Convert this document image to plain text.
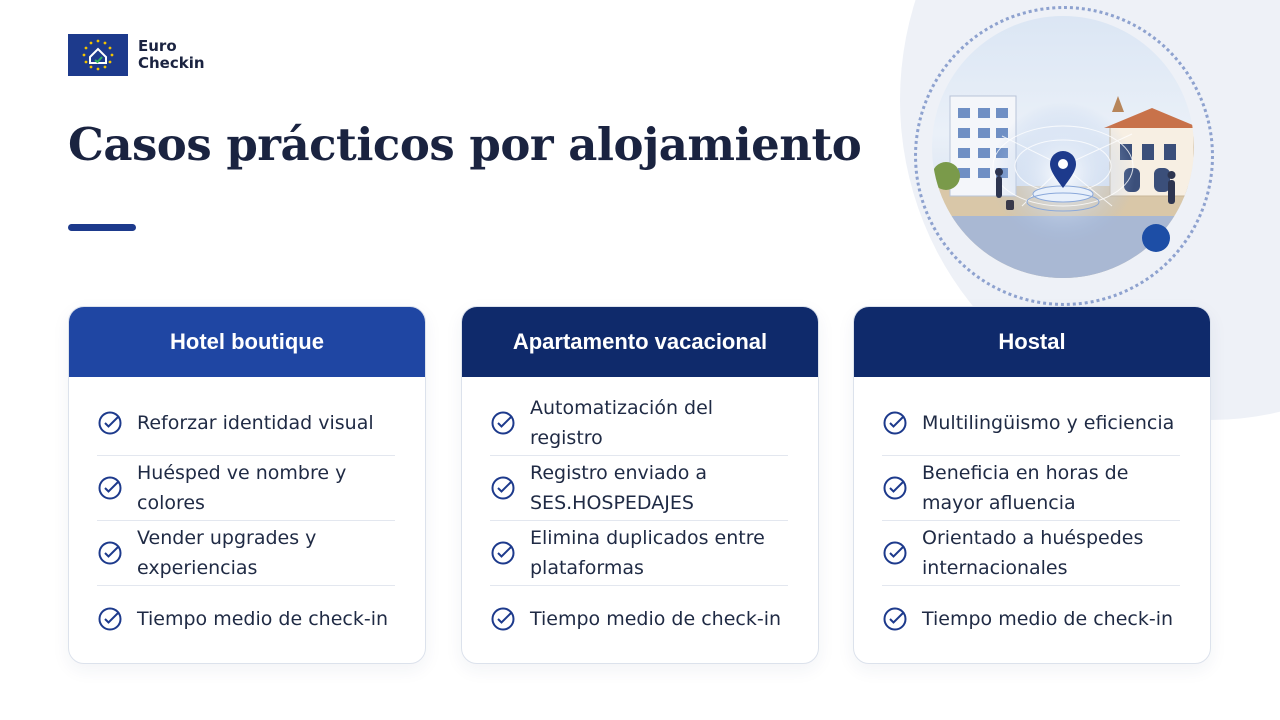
Euro
Checkin
Casos prácticos por alojamiento
Hotel boutique
Reforzar identidad visual
Huésped ve nombre y colores
Vender upgrades y experiencias
Tiempo medio de check-in
Apartamento vacacional
Automatización del registro
Registro enviado a SES.HOSPEDAJES
Elimina duplicados entre plataformas
Tiempo medio de check-in
Hostal
Multilingüismo y eficiencia
Beneficia en horas de mayor afluencia
Orientado a huéspedes internacionales
Tiempo medio de check-in
